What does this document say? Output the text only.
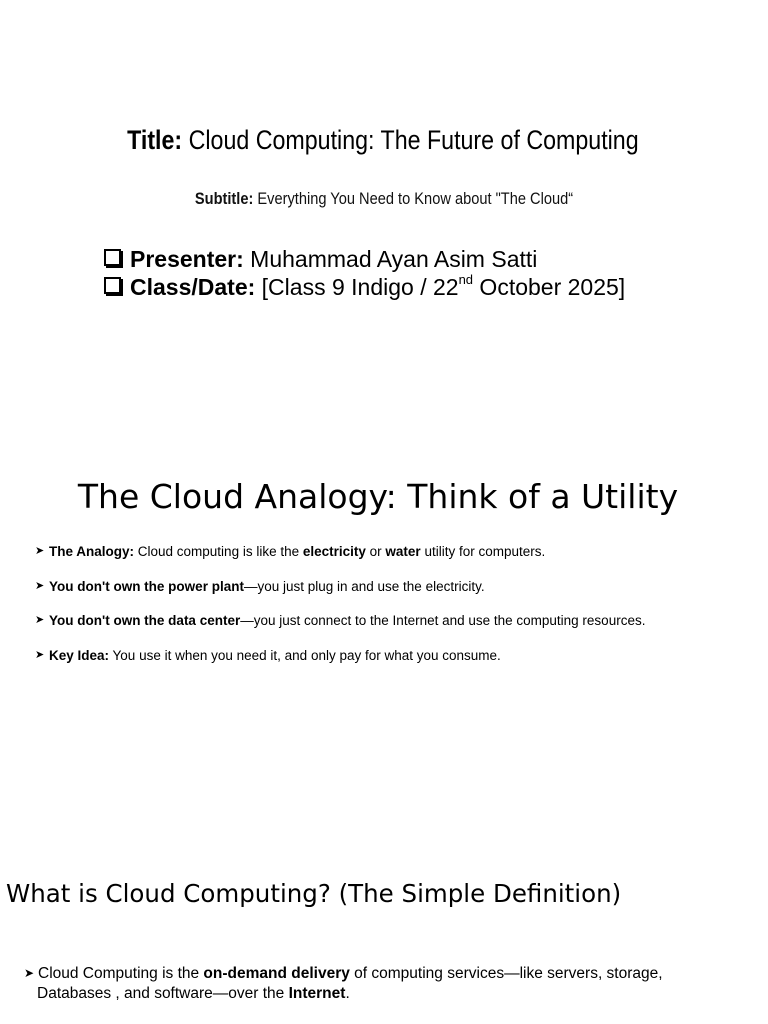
Title: Cloud Computing: The Future of Computing
Subtitle: Everything You Need to Know about "The Cloud“
Presenter: Muhammad Ayan Asim Satti
Class/Date: [Class 9 Indigo / 22nd October 2025]
The Cloud Analogy: Think of a Utility
➤ The Analogy: Cloud computing is like the electricity or water utility for computers.
➤ You don't own the power plant—you just plug in and use the electricity.
➤ You don't own the data center—you just connect to the Internet and use the computing resources.
➤ Key Idea: You use it when you need it, and only pay for what you consume.
What is Cloud Computing? (The Simple Definition)
➤ Cloud Computing is the on-demand delivery of computing services—like servers, storage,
Databases , and software—over the Internet.
